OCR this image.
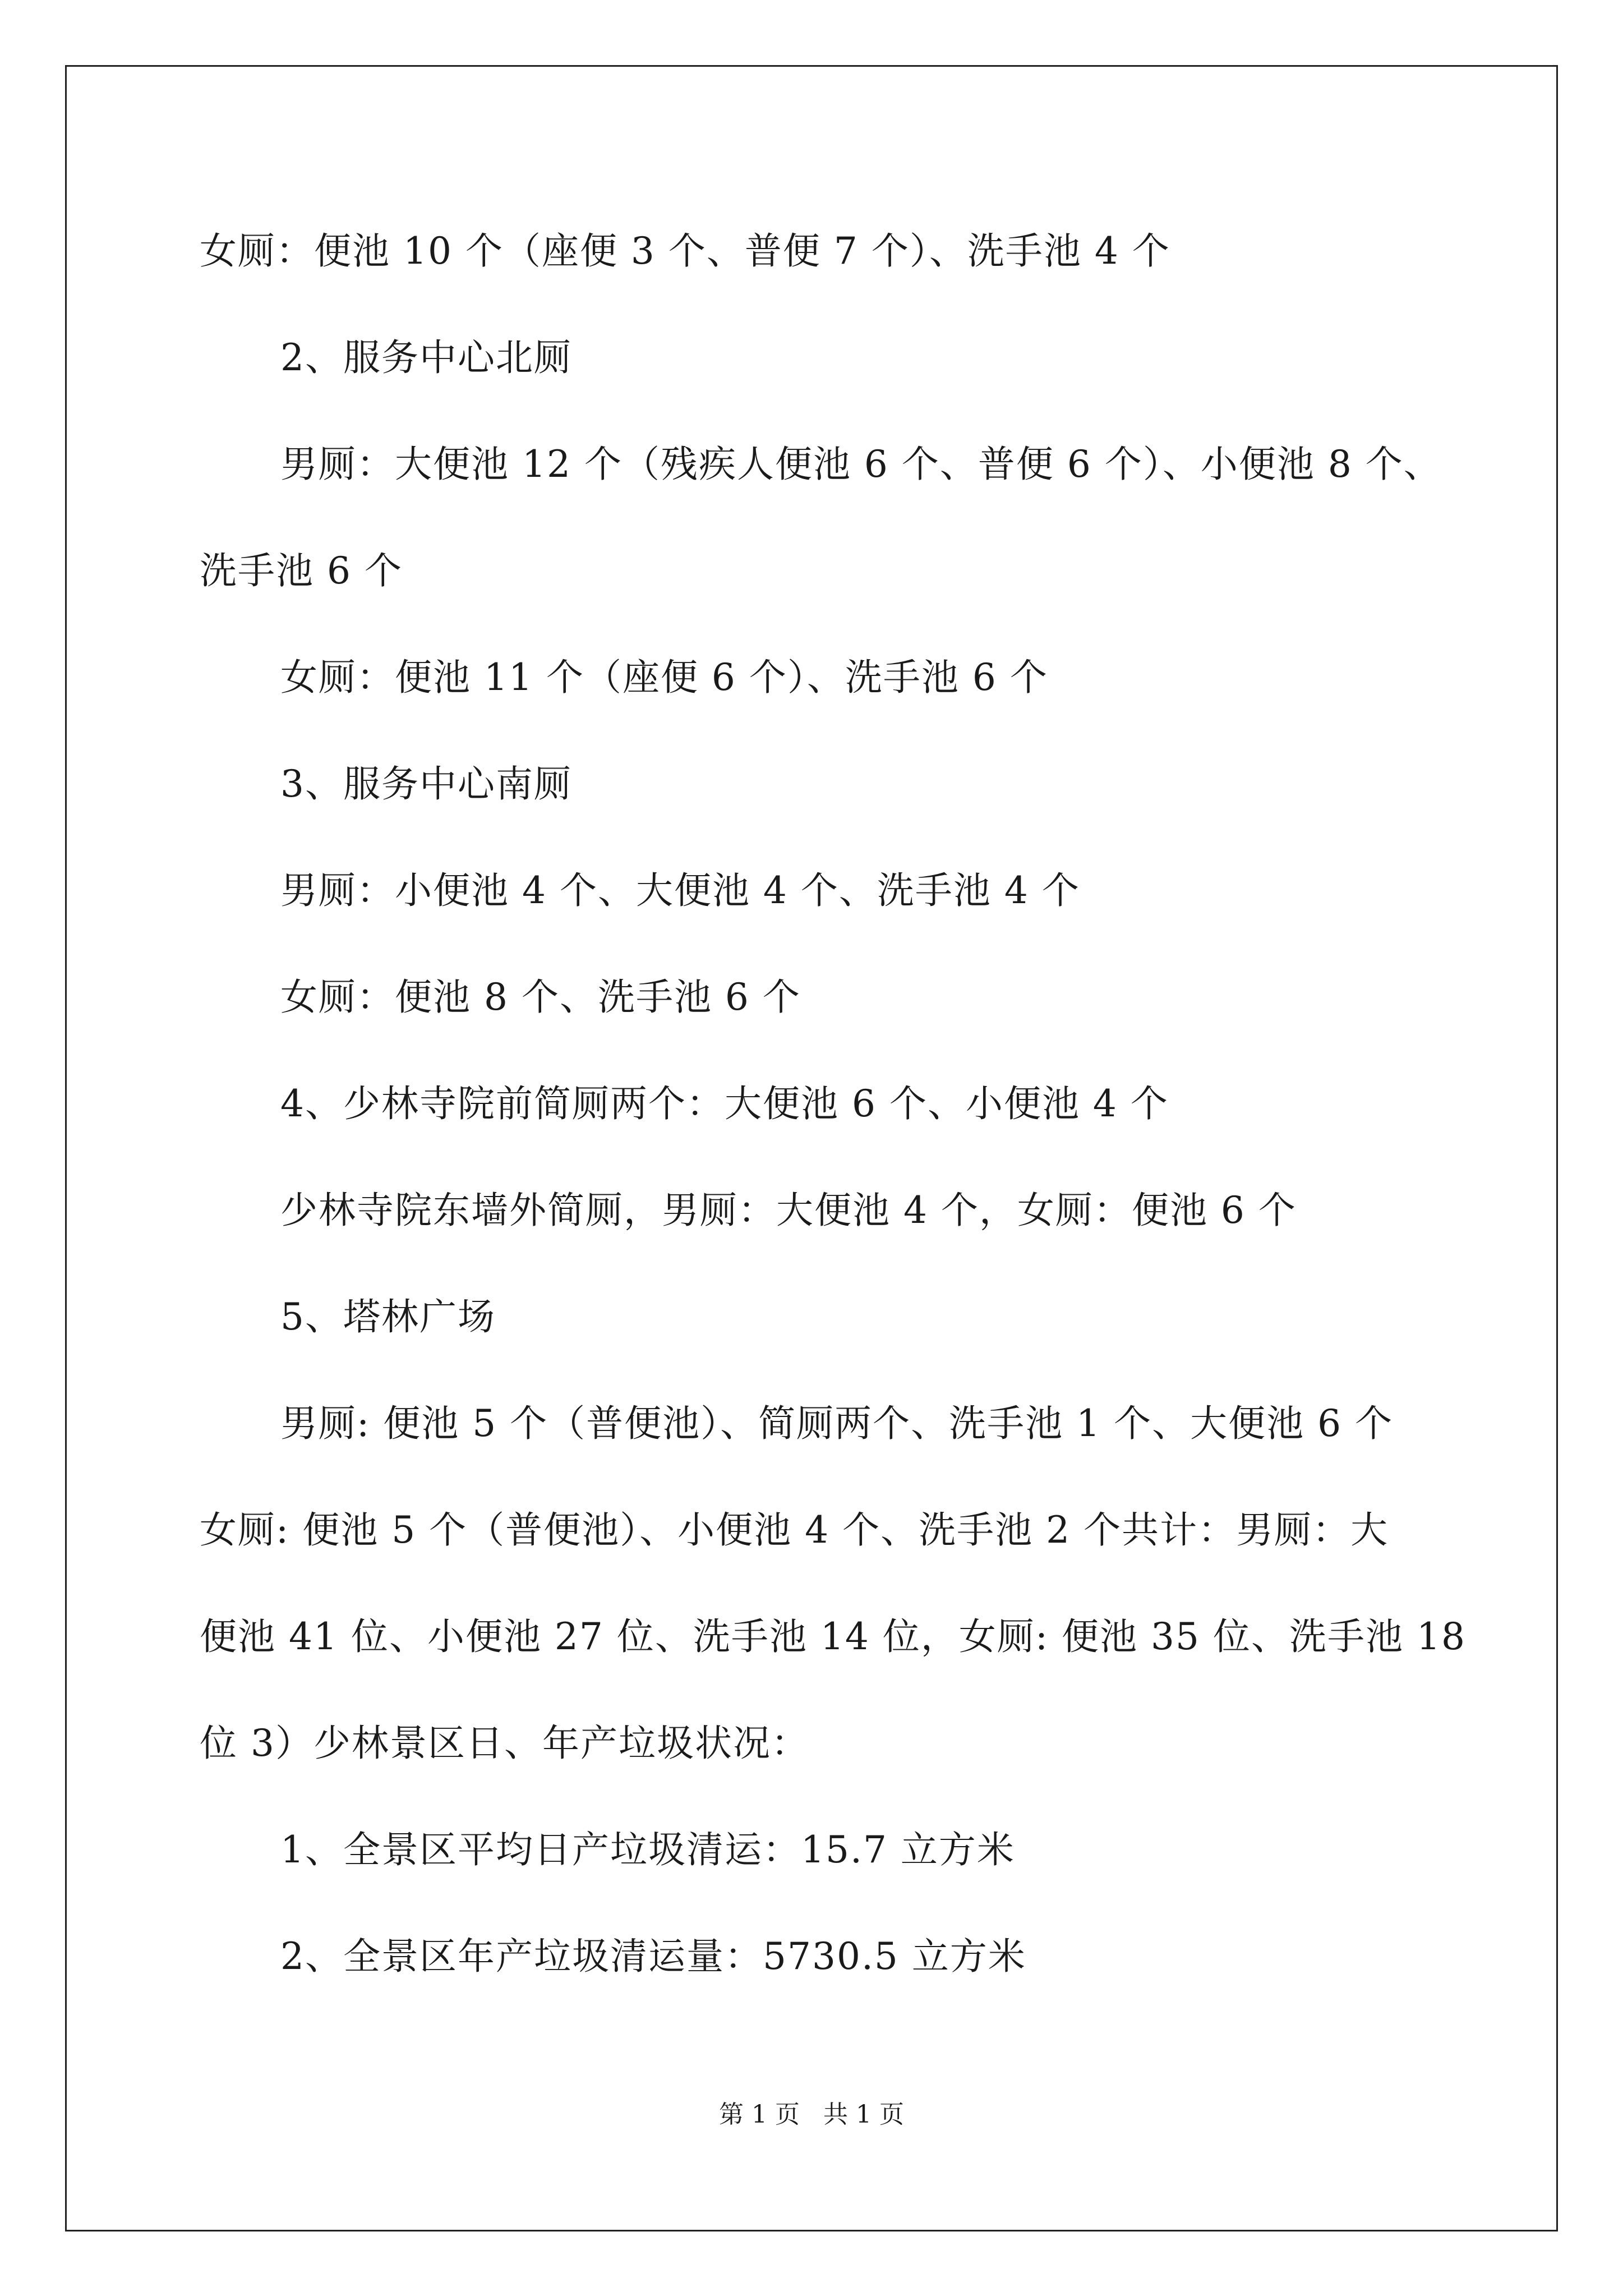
女厕：便池 10 个（座便 3 个、普便 7 个）、洗手池 4 个
2、服务中心北厕
男厕：大便池 12 个（残疾人便池 6 个、普便 6 个）、小便池 8 个、
洗手池 6 个
女厕：便池 11 个（座便 6 个）、洗手池 6 个
3、服务中心南厕
男厕：小便池 4 个、大便池 4 个、洗手池 4 个
女厕：便池 8 个、洗手池 6 个
4、少林寺院前简厕两个：大便池 6 个、小便池 4 个
少林寺院东墙外简厕，男厕：大便池 4 个，女厕：便池 6 个
5、塔林广场
男厕: 便池 5 个（普便池）、简厕两个、洗手池 1 个、大便池 6 个
女厕: 便池 5 个（普便池）、小便池 4 个、洗手池 2 个共计：男厕：大
便池 41 位、小便池 27 位、洗手池 14 位，女厕: 便池 35 位、洗手池 18
位 3）少林景区日、年产垃圾状况：
1、全景区平均日产垃圾清运：15.7 立方米
2、全景区年产垃圾清运量：5730.5 立方米
第 1 页   共 1 页
